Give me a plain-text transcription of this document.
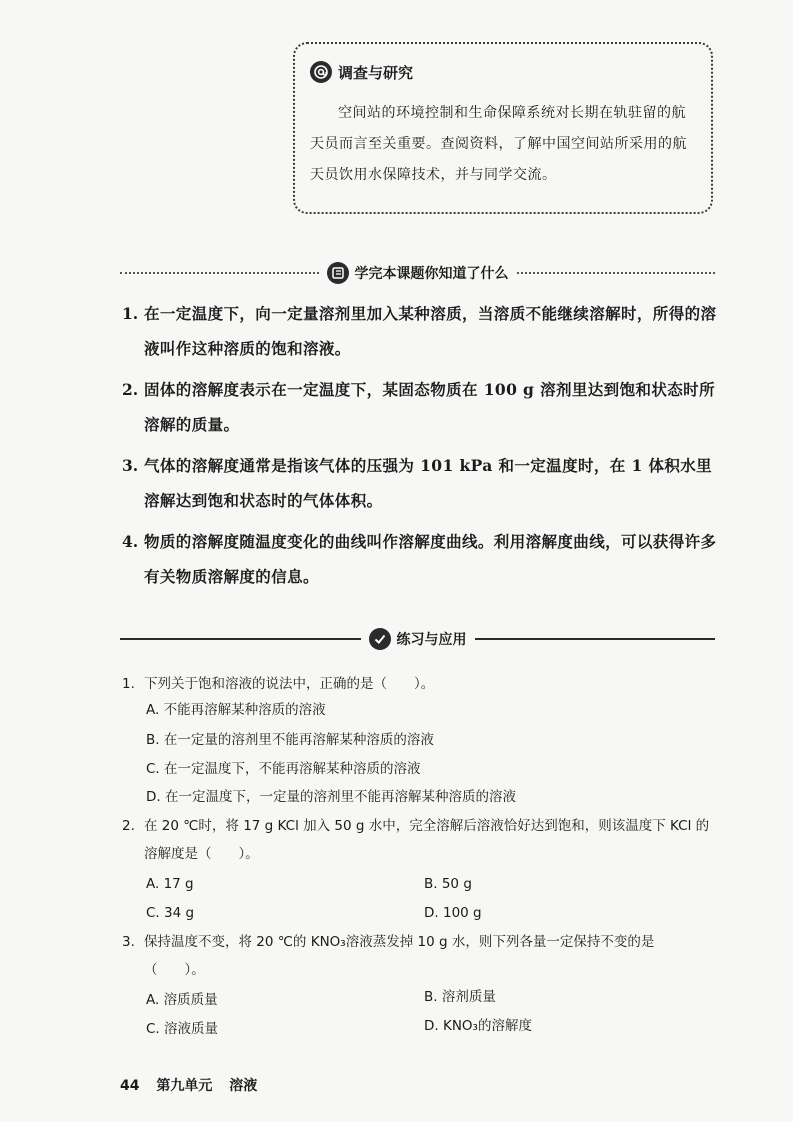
调查与研究
空间站的环境控制和生命保障系统对长期在轨驻留的航天员而言至关重要。查阅资料，了解中国空间站所采用的航天员饮用水保障技术，并与同学交流。
学完本课题你知道了什么
1. 在一定温度下，向一定量溶剂里加入某种溶质，当溶质不能继续溶解时，所得的溶液叫作这种溶质的饱和溶液。
2. 固体的溶解度表示在一定温度下，某固态物质在 100 g 溶剂里达到饱和状态时所溶解的质量。
3. 气体的溶解度通常是指该气体的压强为 101 kPa 和一定温度时，在 1 体积水里溶解达到饱和状态时的气体体积。
4. 物质的溶解度随温度变化的曲线叫作溶解度曲线。利用溶解度曲线，可以获得许多有关物质溶解度的信息。
练习与应用
1. 下列关于饱和溶液的说法中，正确的是（　　）。
A. 不能再溶解某种溶质的溶液
B. 在一定量的溶剂里不能再溶解某种溶质的溶液
C. 在一定温度下，不能再溶解某种溶质的溶液
D. 在一定温度下，一定量的溶剂里不能再溶解某种溶质的溶液
2. 在 20 ℃时，将 17 g KCl 加入 50 g 水中，完全溶解后溶液恰好达到饱和，则该温度下 KCl 的溶解度是（　　）。
A. 17 g	B. 50 g
C. 34 g	D. 100 g
3. 保持温度不变，将 20 ℃的 KNO₃溶液蒸发掉 10 g 水，则下列各量一定保持不变的是（　　）。
A. 溶质质量	B. 溶剂质量
C. 溶液质量	D. KNO₃的溶解度
44 第九单元 溶液
